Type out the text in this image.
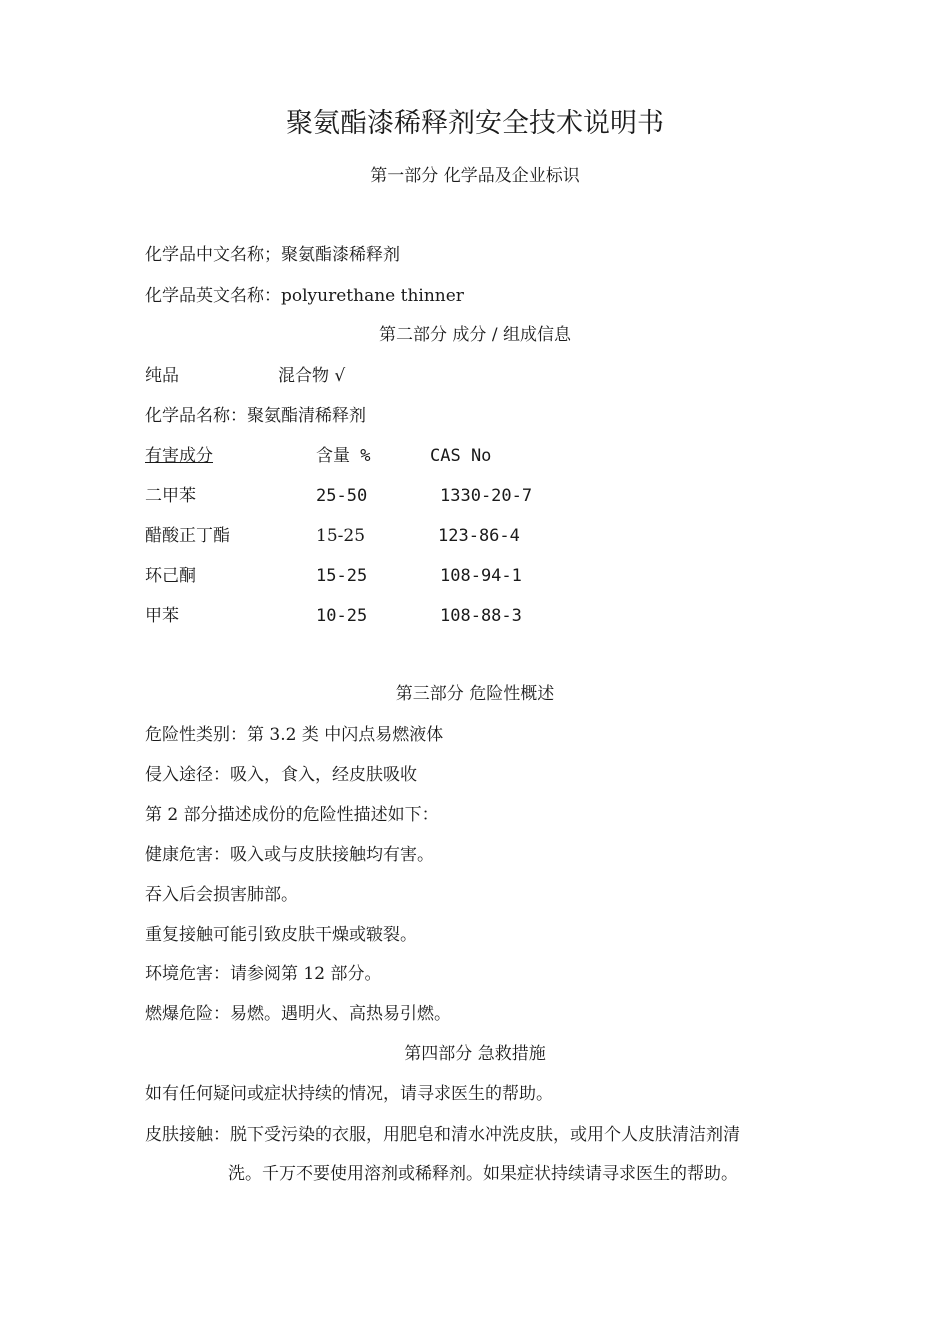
聚氨酯漆稀释剂安全技术说明书
第一部分 化学品及企业标识
化学品中文名称；聚氨酯漆稀释剂
化学品英文名称：polyurethane thinner
第二部分 成分 / 组成信息
纯品	混合物 √
化学品名称：聚氨酯清稀释剂
有害成分	含量 %	CAS No
二甲苯	25-50	1330-20-7
醋酸正丁酯	15-25	123-86-4
环己酮	15-25	108-94-1
甲苯	10-25	108-88-3
第三部分 危险性概述
危险性类别：第 3.2 类 中闪点易燃液体
侵入途径：吸入，食入，经皮肤吸收
第 2 部分描述成份的危险性描述如下：
健康危害：吸入或与皮肤接触均有害。
吞入后会损害肺部。
重复接触可能引致皮肤干燥或皲裂。
环境危害：请参阅第 12 部分。
燃爆危险：易燃。遇明火、高热易引燃。
第四部分 急救措施
如有任何疑问或症状持续的情况，请寻求医生的帮助。
皮肤接触：脱下受污染的衣服，用肥皂和清水冲洗皮肤，或用个人皮肤清洁剂清
洗。千万不要使用溶剂或稀释剂。如果症状持续请寻求医生的帮助。
